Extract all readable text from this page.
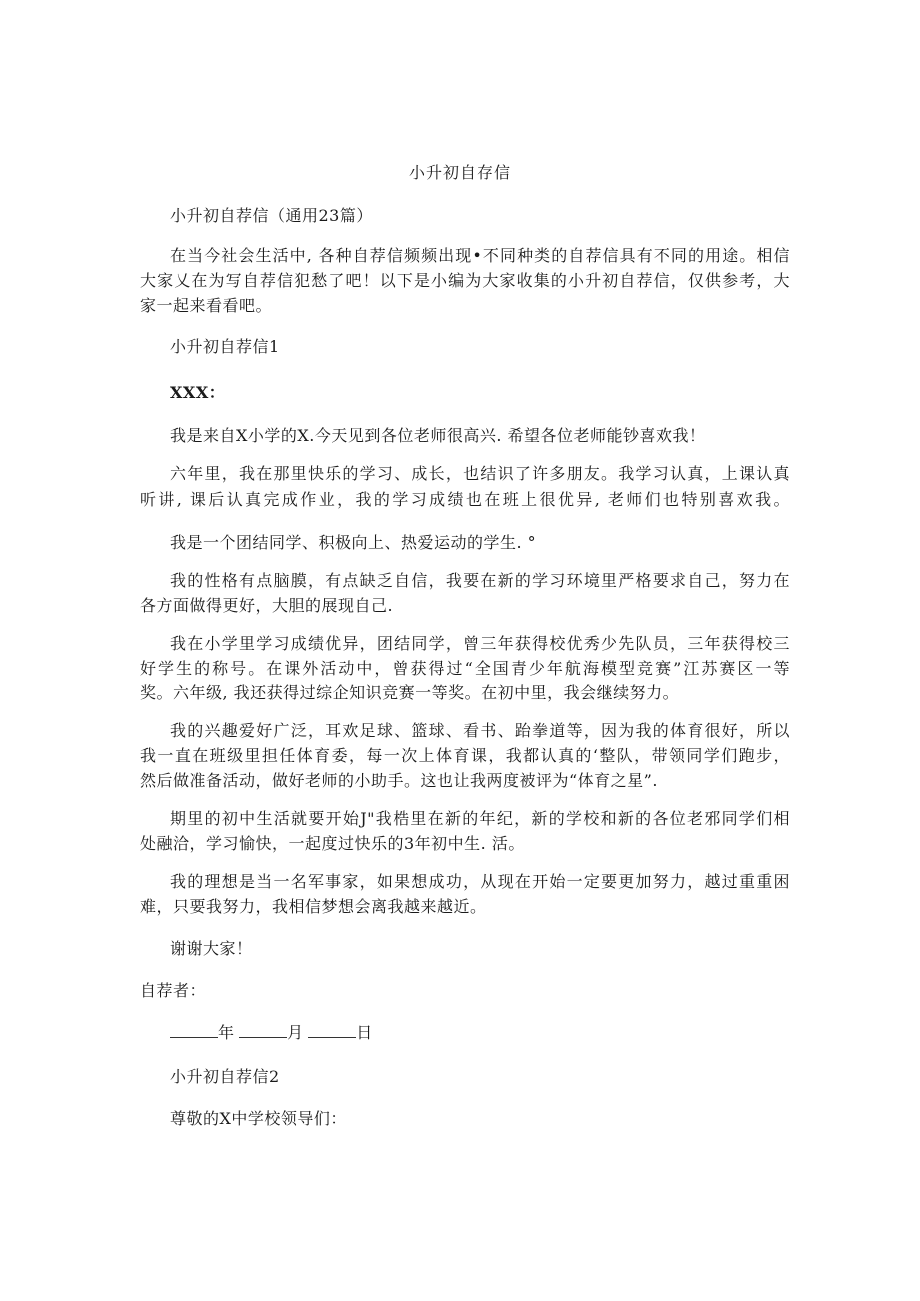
小升初自存信
小升初自荐信（通用23篇）
在当今社会生活中, 各种自荐信频频出现•不同种类的自荐信具有不同的用途。相信
大家乂在为写自荐信犯愁了吧！以下是小编为大家收集的小升初自荐信，仅供参考，大
家一起来看看吧。
小升初自荐信1
XXX：
我是来自X小学的X.今天见到各位老师很高兴. 希望各位老师能钞喜欢我！
六年里，我在那里快乐的学习、成长，也结识了许多朋友。我学习认真，上课认真
听讲, 课后认真完成作业，我的学习成绩也在班上很优异, 老师们也特别喜欢我。
我是一个团结同学、积极向上、热爱运动的学生. °
我的性格有点脑膜，有点缺乏自信，我要在新的学习环境里严格要求自己，努力在
各方面做得更好，大胆的展现自己.
我在小学里学习成绩优异，团结同学，曾三年获得校优秀少先队员，三年获得校三
好学生的称号。在课外活动中，曾获得过“全国青少年航海模型竞赛”江苏赛区一等
奖。六年级, 我还获得过综企知识竞赛一等奖。在初中里，我会继续努力。
我的兴趣爱好广泛，耳欢足球、篮球、看书、跆拳道等，因为我的体育很好，所以
我一直在班级里担任体育委，每一次上体育课，我都认真的‘整队，带领同学们跑步，
然后做准备活动，做好老师的小助手。这也让我两度被评为“体育之星”.
期里的初中生活就要开始J"我梏里在新的年纪，新的学校和新的各位老邪同学们相
处融洽，学习愉快，一起度过快乐的3年初中生. 活。
我的理想是当一名军事家，如果想成功，从现在开始一定要更加努力，越过重重困
难，只要我努力，我相信梦想会离我越来越近。
谢谢大家！
自荐者：
年	月	日
小升初自荐信2
尊敬的X中学校领导们：
